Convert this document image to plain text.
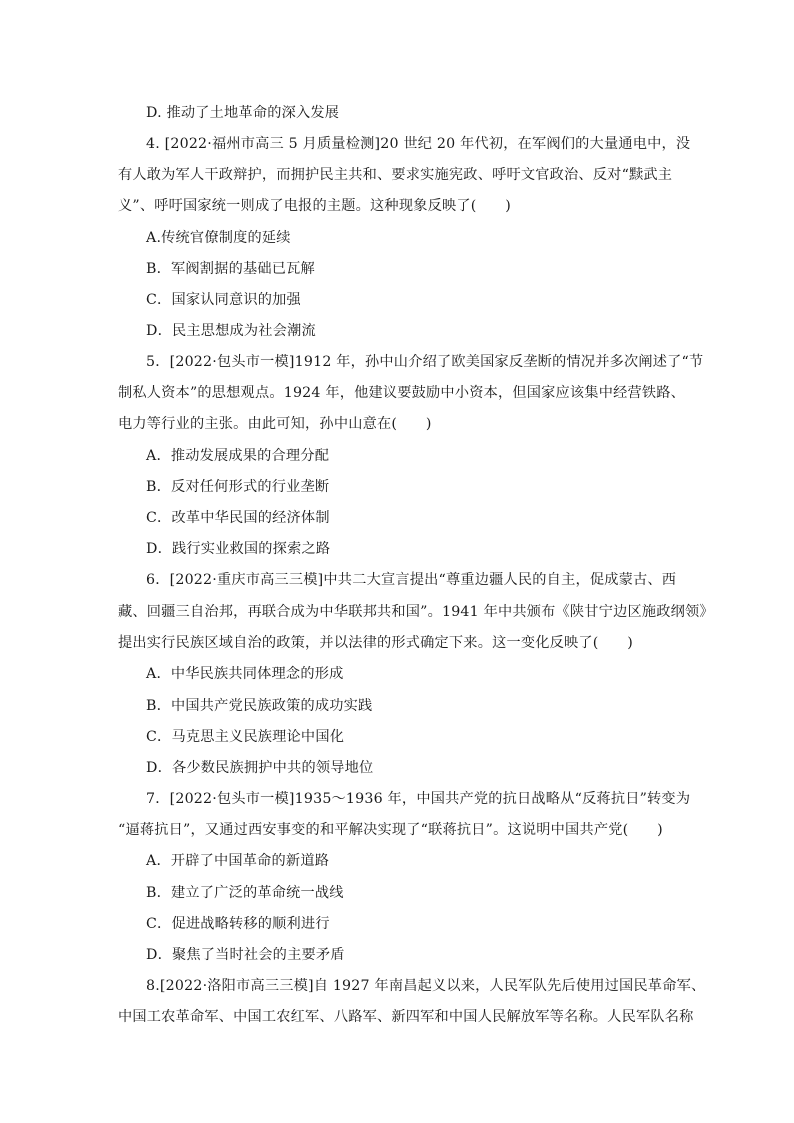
D. 推动了土地革命的深入发展
4. [2022·福州市高三 5 月质量检测]20 世纪 20 年代初，在军阀们的大量通电中，没
有人敢为军人干政辩护，而拥护民主共和、要求实施宪政、呼吁文官政治、反对“黩武主
义”、呼吁国家统一则成了电报的主题。这种现象反映了(　　)
A.传统官僚制度的延续
B．军阀割据的基础已瓦解
C．国家认同意识的加强
D．民主思想成为社会潮流
5．[2022·包头市一模]1912 年，孙中山介绍了欧美国家反垄断的情况并多次阐述了“节
制私人资本”的思想观点。1924 年，他建议要鼓励中小资本，但国家应该集中经营铁路、
电力等行业的主张。由此可知，孙中山意在(　　)
A．推动发展成果的合理分配
B．反对任何形式的行业垄断
C．改革中华民国的经济体制
D．践行实业救国的探索之路
6．[2022·重庆市高三三模]中共二大宣言提出“尊重边疆人民的自主，促成蒙古、西
藏、回疆三自治邦，再联合成为中华联邦共和国”。1941 年中共颁布《陕甘宁边区施政纲领》
提出实行民族区域自治的政策，并以法律的形式确定下来。这一变化反映了(　　)
A．中华民族共同体理念的形成
B．中国共产党民族政策的成功实践
C．马克思主义民族理论中国化
D．各少数民族拥护中共的领导地位
7．[2022·包头市一模]1935～1936 年，中国共产党的抗日战略从“反蒋抗日”转变为
“逼蒋抗日”，又通过西安事变的和平解决实现了“联蒋抗日”。这说明中国共产党(　　)
A．开辟了中国革命的新道路
B．建立了广泛的革命统一战线
C．促进战略转移的顺利进行
D．聚焦了当时社会的主要矛盾
8.[2022·洛阳市高三三模]自 1927 年南昌起义以来，人民军队先后使用过国民革命军、
中国工农革命军、中国工农红军、八路军、新四军和中国人民解放军等名称。人民军队名称
